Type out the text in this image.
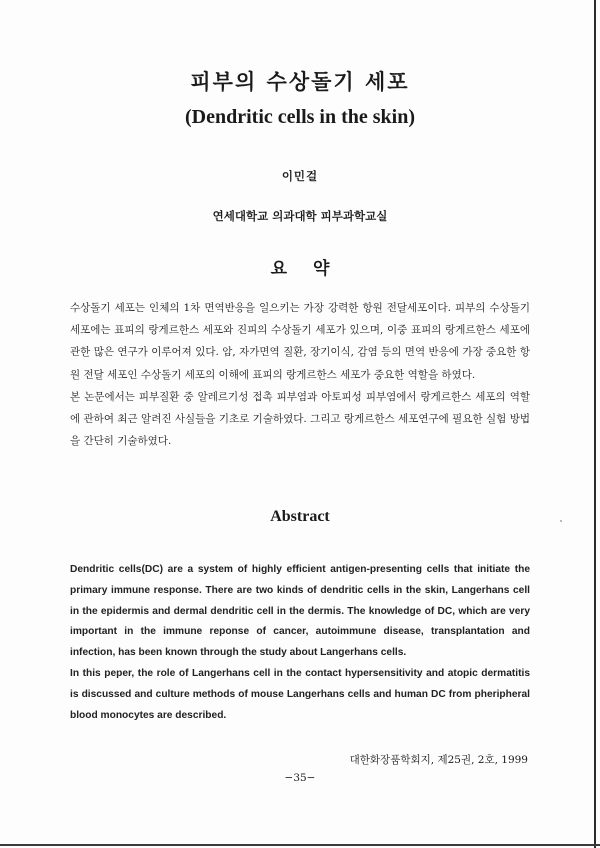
피부의 수상돌기 세포
(Dendritic cells in the skin)
이민걸
연세대학교 의과대학 피부과학교실
요약

수상돌기 세포는 인체의 1차 면역반응을 일으키는 가장 강력한 항원 전달세포이다. 피부의 수상돌기 세포에는 표피의 랑게르한스 세포와 진피의 수상돌기 세포가 있으며, 이중 표피의 랑게르한스 세포에 관한 많은 연구가 이루어져 있다. 암, 자가면역 질환, 장기이식, 감염 등의 면역 반응에 가장 중요한 항원 전달 세포인 수상돌기 세포의 이해에 표피의 랑게르한스 세포가 중요한 역할을 하였다.

본 논문에서는 피부질환 중 알레르기성 접촉 피부염과 아토피성 피부염에서 랑게르한스 세포의 역할에 관하여 최근 알려진 사실들을 기초로 기술하였다. 그리고 랑게르한스 세포연구에 필요한 실험 방법을 간단히 기술하였다.

Abstract

Dendritic cells(DC) are a system of highly efficient antigen-presenting cells that initiate the primary immune response. There are two kinds of dendritic cells in the skin, Langerhans cell in the epidermis and dermal dendritic cell in the dermis. The knowledge of DC, which are very important in the immune reponse of cancer, autoimmune disease, transplantation and infection, has been known through the study about Langerhans cells.

In this peper, the role of Langerhans cell in the contact hypersensitivity and atopic dermatitis is discussed and culture methods of mouse Langerhans cells and human DC from pheripheral blood monocytes are described.

대한화장품학회지, 제25권, 2호, 1999
−35−
